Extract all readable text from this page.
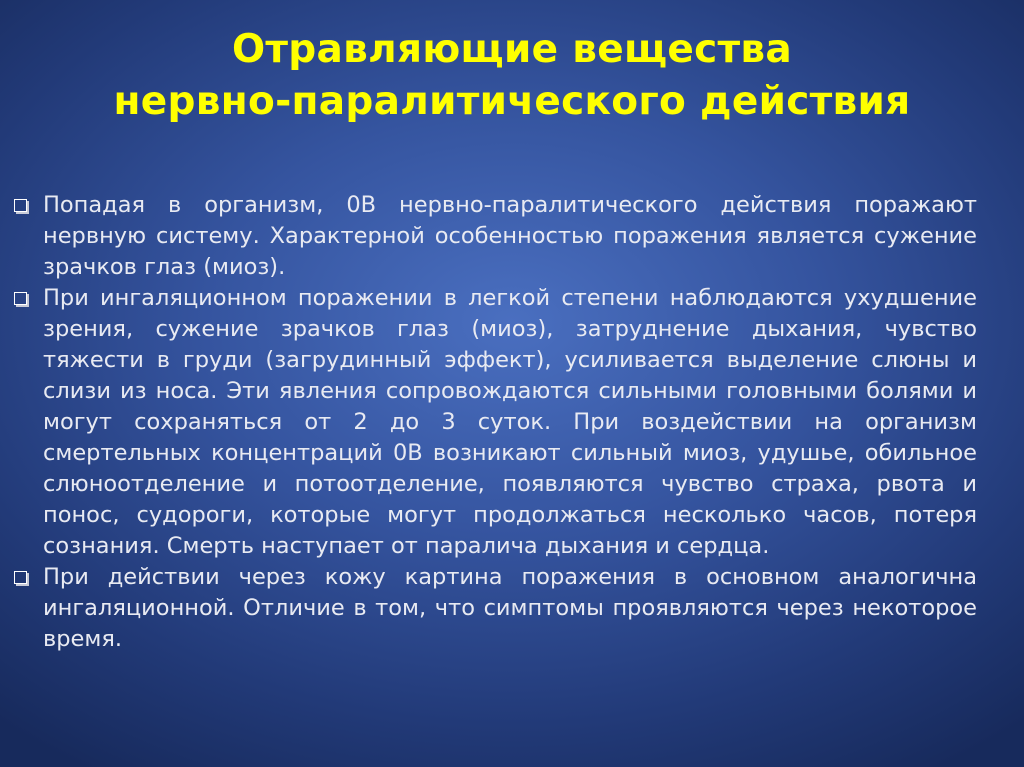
Отравляющие вещества
нервно-паралитического действия
Попадая в организм, 0В нервно-паралитического действия поражают нервную систему. Характерной особенностью поражения является сужение зрачков глаз (миоз).
При ингаляционном поражении в легкой степени наблюдаются ухудшение зрения, сужение зрачков глаз (миоз), затруднение дыхания, чувство тяжести в груди (загрудинный эффект), усиливается выделение слюны и слизи из носа. Эти явления сопровождаются сильными головными болями и могут сохраняться от 2 до 3 суток. При воздействии на организм смертельных концентраций 0В возникают сильный миоз, удушье, обильное слюноотделение и потоотделение, появляются чувство страха, рвота и понос, судороги, которые могут продолжаться несколько часов, потеря сознания. Смерть наступает от паралича дыхания и сердца.
При действии через кожу картина поражения в основном аналогична ингаляционной. Отличие в том, что симптомы проявляются через некоторое время.
